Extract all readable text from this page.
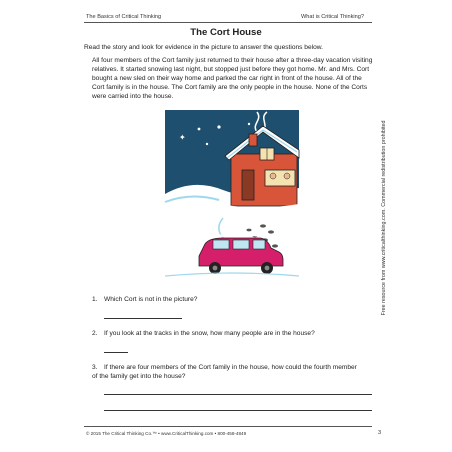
The Basics of Critical Thinking	What is Critical Thinking?
The Cort House
Read the story and look for evidence in the picture to answer the questions below.
All four members of the Cort family just returned to their house after a three-day vacation visiting relatives. It started snowing last night, but stopped just before they got home. Mr. and Mrs. Cort bought a new sled on their way home and parked the car right in front of the house. All of the Cort family is in the house. The Cort family are the only people in the house. None of the Corts were carried into the house.
✦
1. Which Cort is not in the picture?
2. If you look at the tracks in the snow, how many people are in the house?
3. If there are four members of the Cort family in the house, how could the fourth member of the family get into the house?
Free resource from www.criticalthinking.com. Commercial redistribution prohibited
© 2015 The Critical Thinking Co.™ • www.CriticalThinking.com • 800-458-4849	3
